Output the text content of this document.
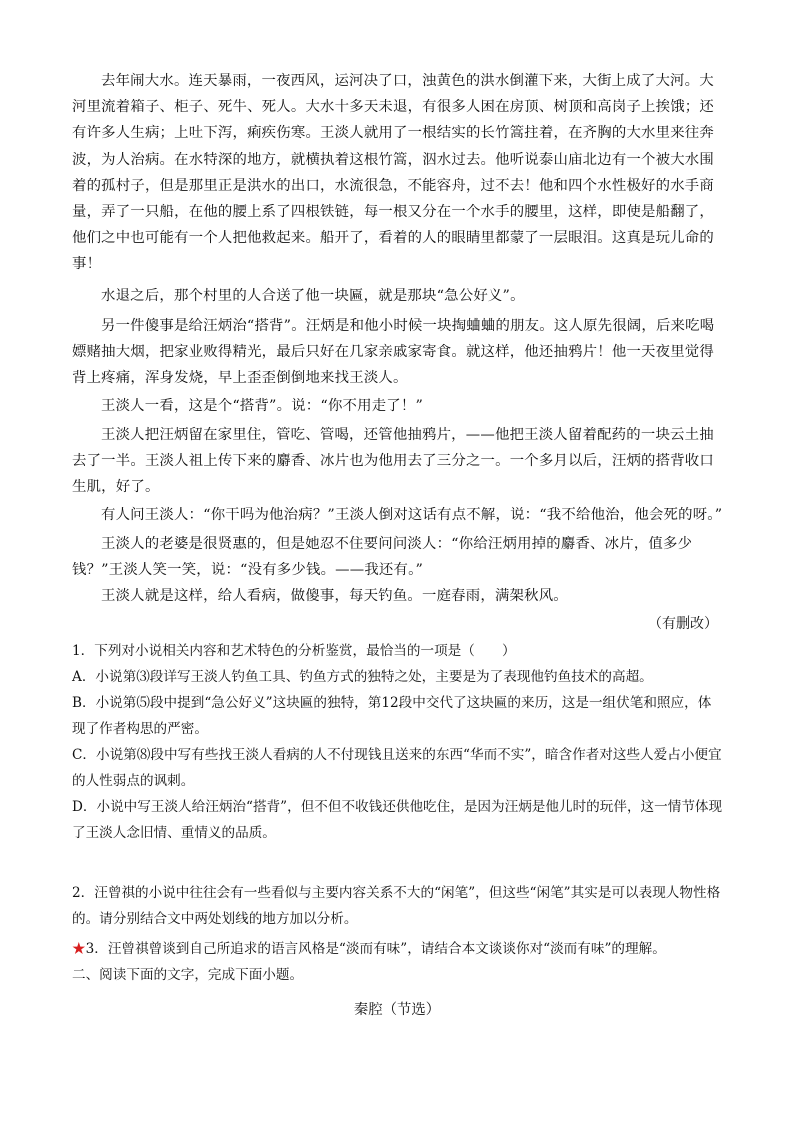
去年闹大水。连天暴雨，一夜西风，运河决了口，浊黄色的洪水倒灌下来，大街上成了大河。大河里流着箱子、柜子、死牛、死人。大水十多天未退，有很多人困在房顶、树顶和高岗子上挨饿；还有许多人生病；上吐下泻，痢疾伤寒。王淡人就用了一根结实的长竹篙拄着，在齐胸的大水里来往奔波，为人治病。在水特深的地方，就横执着这根竹篙，泅水过去。他听说泰山庙北边有一个被大水围着的孤村子，但是那里正是洪水的出口，水流很急，不能容舟，过不去！他和四个水性极好的水手商量，弄了一只船，在他的腰上系了四根铁链，每一根又分在一个水手的腰里，这样，即使是船翻了，他们之中也可能有一个人把他救起来。船开了，看着的人的眼睛里都蒙了一层眼泪。这真是玩儿命的事！

水退之后，那个村里的人合送了他一块匾，就是那块“急公好义”。

另一件傻事是给汪炳治“搭背”。汪炳是和他小时候一块掏蛐蛐的朋友。这人原先很阔，后来吃喝嫖赌抽大烟，把家业败得精光，最后只好在几家亲戚家寄食。就这样，他还抽鸦片！他一天夜里觉得背上疼痛，浑身发烧，早上歪歪倒倒地来找王淡人。

王淡人一看，这是个“搭背”。说：“你不用走了！”

王淡人把汪炳留在家里住，管吃、管喝，还管他抽鸦片，——他把王淡人留着配药的一块云土抽去了一半。王淡人祖上传下来的麝香、冰片也为他用去了三分之一。一个多月以后，汪炳的搭背收口生肌，好了。

有人问王淡人：“你干吗为他治病？”王淡人倒对这话有点不解，说：“我不给他治，他会死的呀。”

王淡人的老婆是很贤惠的，但是她忍不住要问问淡人：“你给汪炳用掉的麝香、冰片，值多少钱？”王淡人笑一笑，说：“没有多少钱。——我还有。”

王淡人就是这样，给人看病，做傻事，每天钓鱼。一庭春雨，满架秋风。

（有删改）

1．下列对小说相关内容和艺术特色的分析鉴赏，最恰当的一项是（　　）

A．小说第⑶段详写王淡人钓鱼工具、钓鱼方式的独特之处，主要是为了表现他钓鱼技术的高超。

B．小说第⑸段中提到“急公好义”这块匾的独特，第12段中交代了这块匾的来历，这是一组伏笔和照应，体现了作者构思的严密。

C．小说第⑻段中写有些找王淡人看病的人不付现钱且送来的东西“华而不实”，暗含作者对这些人爱占小便宜的人性弱点的讽刺。

D．小说中写王淡人给汪炳治“搭背”，但不但不收钱还供他吃住，是因为汪炳是他儿时的玩伴，这一情节体现了王淡人念旧情、重情义的品质。

2．汪曾祺的小说中往往会有一些看似与主要内容关系不大的“闲笔”，但这些“闲笔”其实是可以表现人物性格的。请分别结合文中两处划线的地方加以分析。

★3．汪曾祺曾谈到自己所追求的语言风格是“淡而有味”，请结合本文谈谈你对“淡而有味”的理解。

二、阅读下面的文字，完成下面小题。

秦腔（节选）
